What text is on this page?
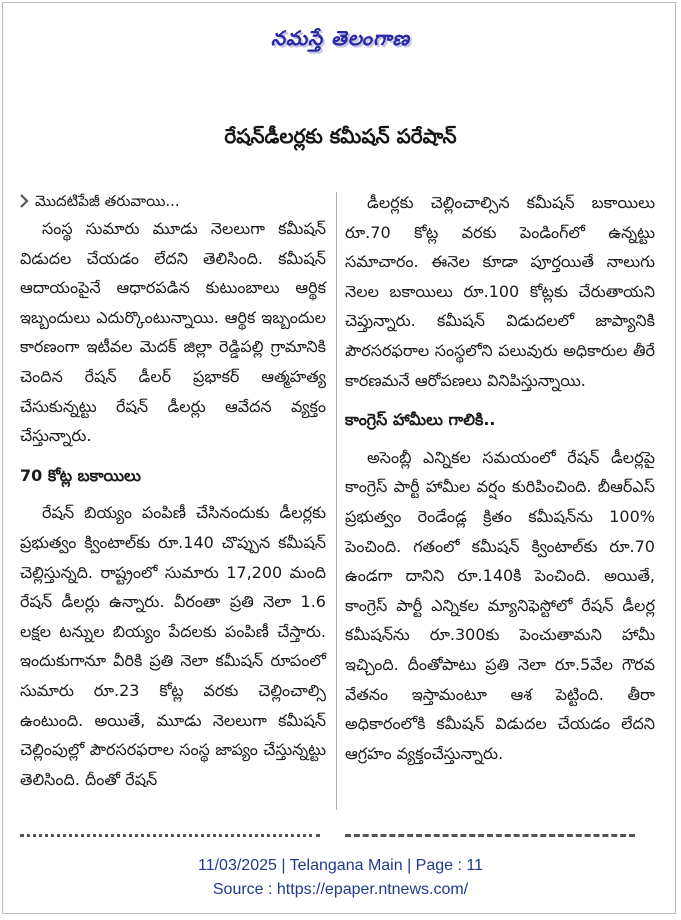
నమస్తే తెలంగాణ
రేషన్‌డీలర్లకు కమీషన్ పరేషాన్
మొదటిపేజీ తరువాయి...

సంస్థ సుమారు మూడు నెలలుగా కమీషన్ విడుదల చేయడం లేదని తెలిసింది. కమీషన్ ఆదాయంపైనే ఆధారపడిన కుటుంబాలు ఆర్థిక ఇబ్బందులు ఎదుర్కొంటున్నాయి. ఆర్థిక ఇబ్బందుల కారణంగా ఇటీవల మెదక్ జిల్లా రెడ్డిపల్లి గ్రామానికి చెందిన రేషన్ డీలర్ ప్రభాకర్ ఆత్మహత్య చేసుకున్నట్టు రేషన్ డీలర్లు ఆవేదన వ్యక్తం చేస్తున్నారు.

70 కోట్ల బకాయిలు

రేషన్ బియ్యం పంపిణీ చేసినందుకు డీలర్లకు ప్రభుత్వం క్వింటాల్‌కు రూ.140 చొప్పున కమీషన్ చెల్లిస్తున్నది. రాష్ట్రంలో సుమారు 17,200 మంది రేషన్ డీలర్లు ఉన్నారు. వీరంతా ప్రతి నెలా 1.6 లక్షల టన్నుల బియ్యం పేదలకు పంపిణీ చేస్తారు. ఇందుకుగానూ వీరికి ప్రతి నెలా కమీషన్ రూపంలో సుమారు రూ.23 కోట్ల వరకు చెల్లించాల్సి ఉంటుంది. అయితే, మూడు నెలలుగా కమీషన్ చెల్లింపుల్లో పౌరసరఫరాల సంస్థ జాప్యం చేస్తున్నట్టు తెలిసింది. దీంతో రేషన్

డీలర్లకు చెల్లించాల్సిన కమీషన్ బకాయిలు రూ.70 కోట్ల వరకు పెండింగ్‌లో ఉన్నట్టు సమాచారం. ఈనెల కూడా పూర్తయితే నాలుగు నెలల బకాయిలు రూ.100 కోట్లకు చేరుతాయని చెప్తున్నారు. కమీషన్ విడుదలలో జాప్యానికి పౌరసరఫరాల సంస్థలోని పలువురు అధికారుల తీరే కారణమనే ఆరోపణలు వినిపిస్తున్నాయి.

కాంగ్రెస్ హామీలు గాలికి..

అసెంబ్లీ ఎన్నికల సమయంలో రేషన్ డీలర్లపై కాంగ్రెస్ పార్టీ హామీల వర్షం కురిపించింది. బీఆర్‌ఎస్ ప్రభుత్వం రెండేండ్ల క్రితం కమీషన్‌ను 100% పెంచింది. గతంలో కమీషన్ క్వింటాల్‌కు రూ.70 ఉండగా దానిని రూ.140కి పెంచింది. అయితే, కాంగ్రెస్ పార్టీ ఎన్నికల మ్యానిఫెస్టోలో రేషన్ డీలర్ల కమీషన్‌ను రూ.300కు పెంచుతామని హామీ ఇచ్చింది. దీంతోపాటు ప్రతి నెలా రూ.5వేల గౌరవ వేతనం ఇస్తామంటూ ఆశ పెట్టింది. తీరా అధికారంలోకి కమీషన్ విడుదల చేయడం లేదని ఆగ్రహం వ్యక్తంచేస్తున్నారు.

11/03/2025 | Telangana Main | Page : 11
Source : https://epaper.ntnews.com/
